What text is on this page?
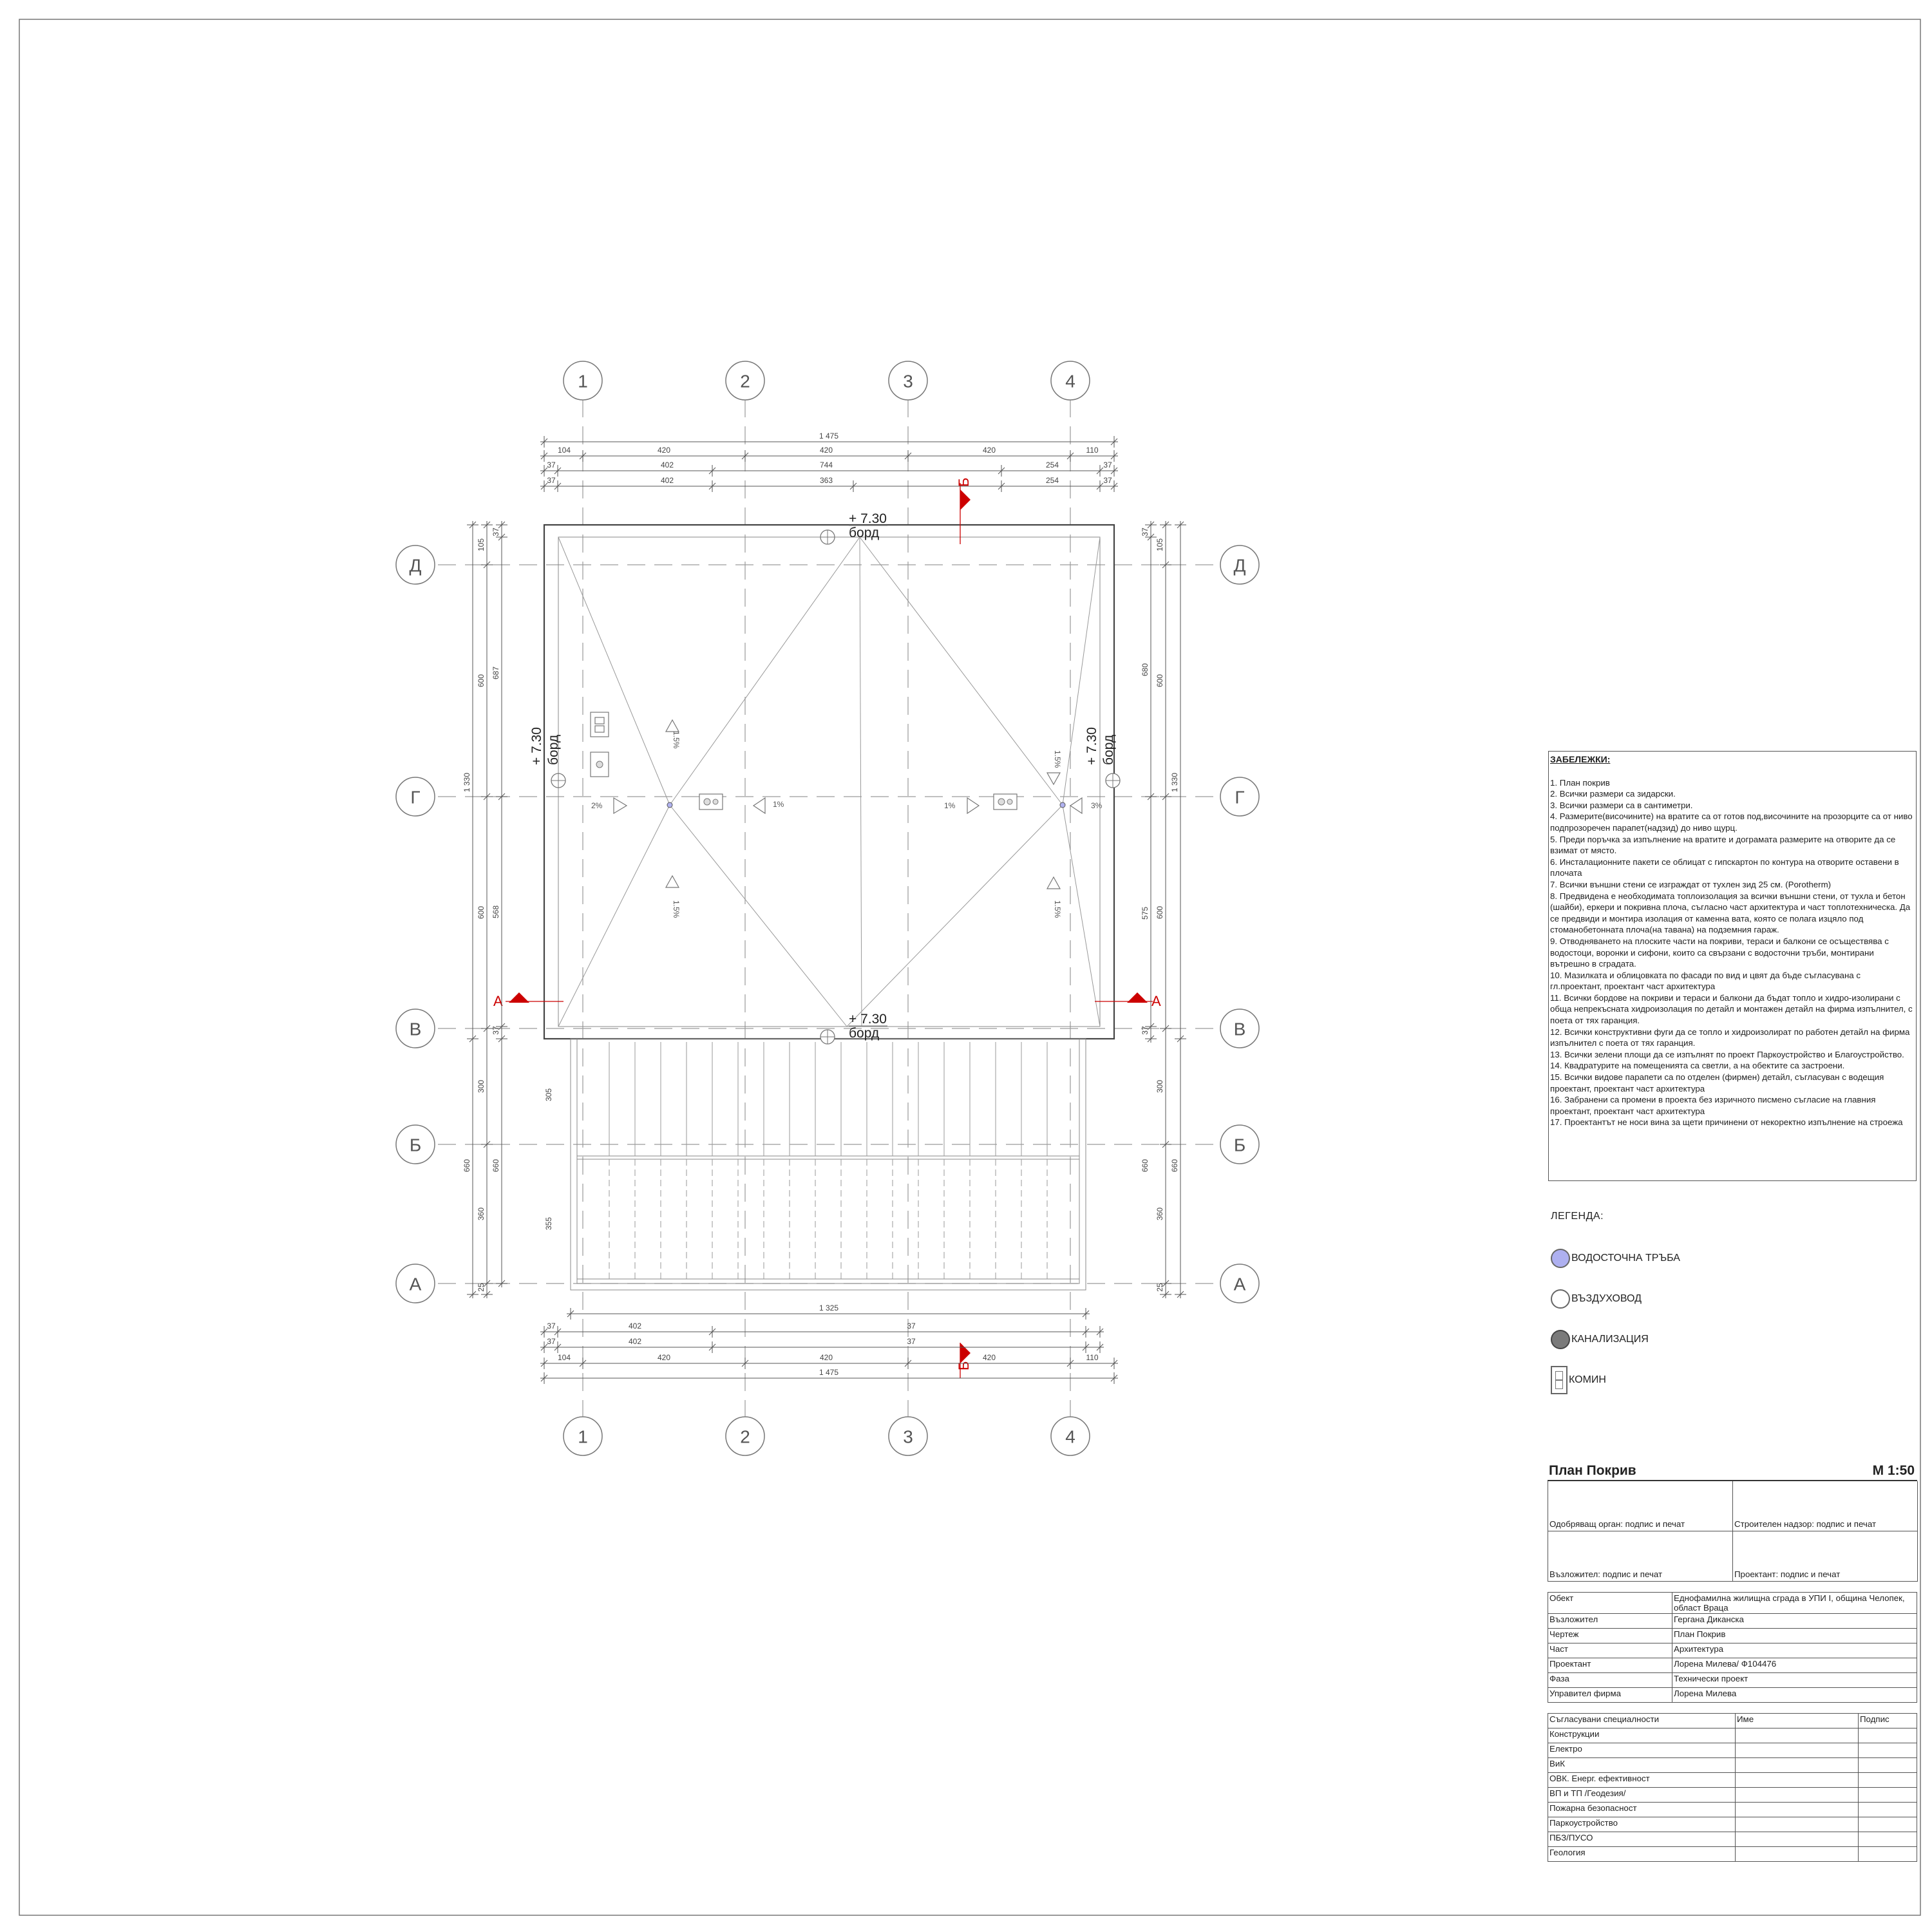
1	2	3	4
1	2	3	4
Д
Г
В
Б
А
Д
Г
В
Б
А
1.5%
2%	1%	1%	3%
1.5%
1.5%	1.5%
+ 7.30
борд
+ 7.30
борд
+ 7.30 борд	+ 7.30 борд
А	А
Б
Б
1 475
104	420	420	420	110
37	402	744	254	37
37	402	363	254	37
1 325
37	402	37
37	402	37
104	420	420	420	110
1 475
1 330
660
105
600
600
300
360
25
660
37
687
568
37
305
355
37
680
575
37
105
600
600
300
660
360
25
1 330
660
ЗАБЕЛЕЖКИ:
1. План покрив
2. Всички размери са зидарски.
3. Всички размери са в сантиметри.
4. Размерите(височините) на вратите са от готов под,височините на прозорците са от ниво подпрозоречен парапет(надзид) до ниво щурц.
5. Преди поръчка за изпълнение на вратите и дограмата размерите на отворите да се взимат от място.
6. Инсталационните пакети се облицат с гипскартон по контура на отворите оставени в плочата
7. Всички външни стени се изграждат от тухлен зид 25 см. (Porotherm)
8. Предвидена е необходимата топлоизолация за всички външни стени, от тухла и бетон (шайби), еркери и покривна плоча, съгласно част архитектура и част топлотехническа. Да се предвиди и монтира изолация от каменна вата, която се полага изцяло под стоманобетонната плоча(на тавана) на подземния гараж.
9. Отводняването на плоските части на покриви, тераси и балкони се осъществява с водостоци, воронки и сифони, които са свързани с водосточни тръби, монтирани вътрешно в сградата.
10. Мазилката и облицовката по фасади по вид и цвят да бъде съгласувана с гл.проектант, проектант част архитектура
11. Всички бордове на покриви и тераси и балкони да бъдат топло и хидро-изолирани с обща непрекъсната хидроизолация по детайл и монтажен детайл на фирма изпълнител, с поета от тях гаранция.
12. Всички конструктивни фуги да се топло и хидроизолират по работен детайл на фирма изпълнител с поета от тях гаранция.
13. Всички зелени площи да се изпълнят по проект Паркоустройство и Благоустройство.
14. Квадратурите на помещенията са светли, а на обектите са застроени.
15. Всички видове парапети са по отделен (фирмен) детайл, съгласуван с водещия проектант, проектант част архитектура
16. Забранени са промени в проекта без изричното писмено съгласие на главния проектант, проектант част архитектура
17. Проектантът не носи вина за щети причинени от некоректно изпълнение на строежа
ЛЕГЕНДА:
ВОДОСТОЧНА ТРЪБА
ВЪЗДУХОВОД
КАНАЛИЗАЦИЯ
КОМИН
План Покрив	М 1:50
Одобряващ орган: подпис и печат	Строителен надзор: подпис и печат
Възложител: подпис и печат	Проектант: подпис и печат
Обект	Еднофамилна жилищна сграда в УПИ I, община Челопек, област Враца
Възложител	Гергана Диканска
Чертеж	План Покрив
Част	Архитектура
Проектант	Лорена Милева/ Ф104476
Фаза	Технически проект
Управител фирма	Лорена Милева
Съгласувани специалности	Име	Подпис
Конструкции		
Електро		
ВиК		
ОВК. Енерг. ефективност		
ВП и ТП /Геодезия/		
Пожарна безопасност		
Паркоустройство		
ПБЗ/ПУСО		
Геология		
